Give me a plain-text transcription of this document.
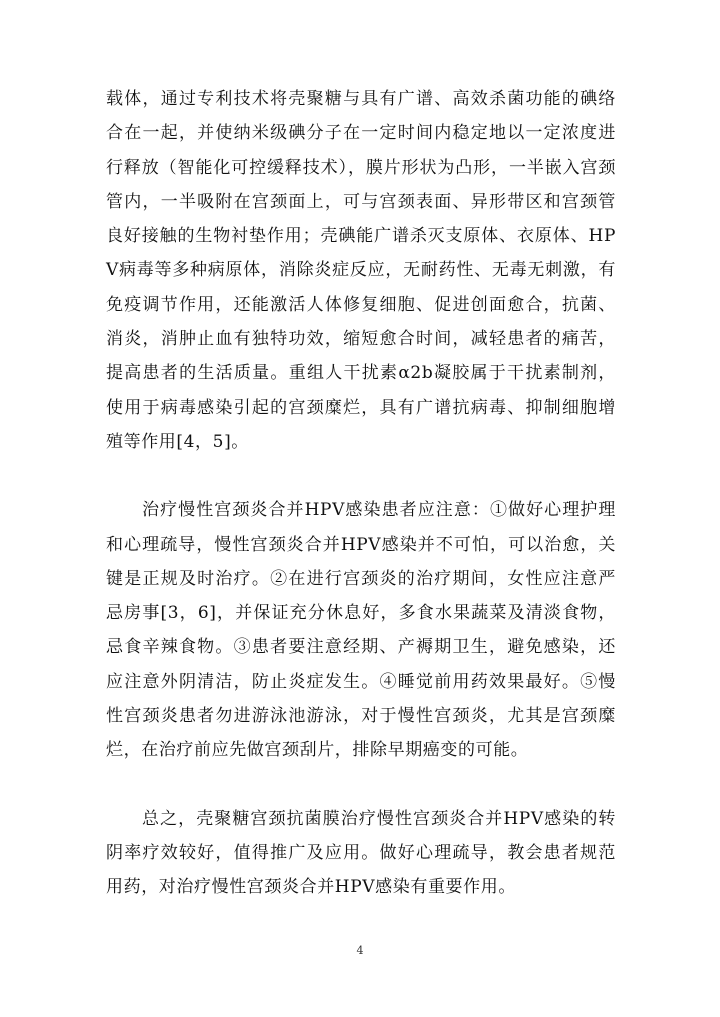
载体，通过专利技术将壳聚糖与具有广谱、高效杀菌功能的碘络合在一起，并使纳米级碘分子在一定时间内稳定地以一定浓度进行释放（智能化可控缓释技术），膜片形状为凸形，一半嵌入宫颈管内，一半吸附在宫颈面上，可与宫颈表面、异形带区和宫颈管良好接触的生物衬垫作用；壳碘能广谱杀灭支原体、衣原体、HPV病毒等多种病原体，消除炎症反应，无耐药性、无毒无刺激，有免疫调节作用，还能激活人体修复细胞、促进创面愈合，抗菌、消炎，消肿止血有独特功效，缩短愈合时间，减轻患者的痛苦，提高患者的生活质量。重组人干扰素α2b凝胶属于干扰素制剂，使用于病毒感染引起的宫颈糜烂，具有广谱抗病毒、抑制细胞增殖等作用[4，5]。

治疗慢性宫颈炎合并HPV感染患者应注意：①做好心理护理和心理疏导，慢性宫颈炎合并HPV感染并不可怕，可以治愈，关键是正规及时治疗。②在进行宫颈炎的治疗期间，女性应注意严忌房事[3，6]，并保证充分休息好，多食水果蔬菜及清淡食物，忌食辛辣食物。③患者要注意经期、产褥期卫生，避免感染，还应注意外阴清洁，防止炎症发生。④睡觉前用药效果最好。⑤慢性宫颈炎患者勿进游泳池游泳，对于慢性宫颈炎，尤其是宫颈糜烂，在治疗前应先做宫颈刮片，排除早期癌变的可能。

总之，壳聚糖宫颈抗菌膜治疗慢性宫颈炎合并HPV感染的转阴率疗效较好，值得推广及应用。做好心理疏导，教会患者规范用药，对治疗慢性宫颈炎合并HPV感染有重要作用。

4
